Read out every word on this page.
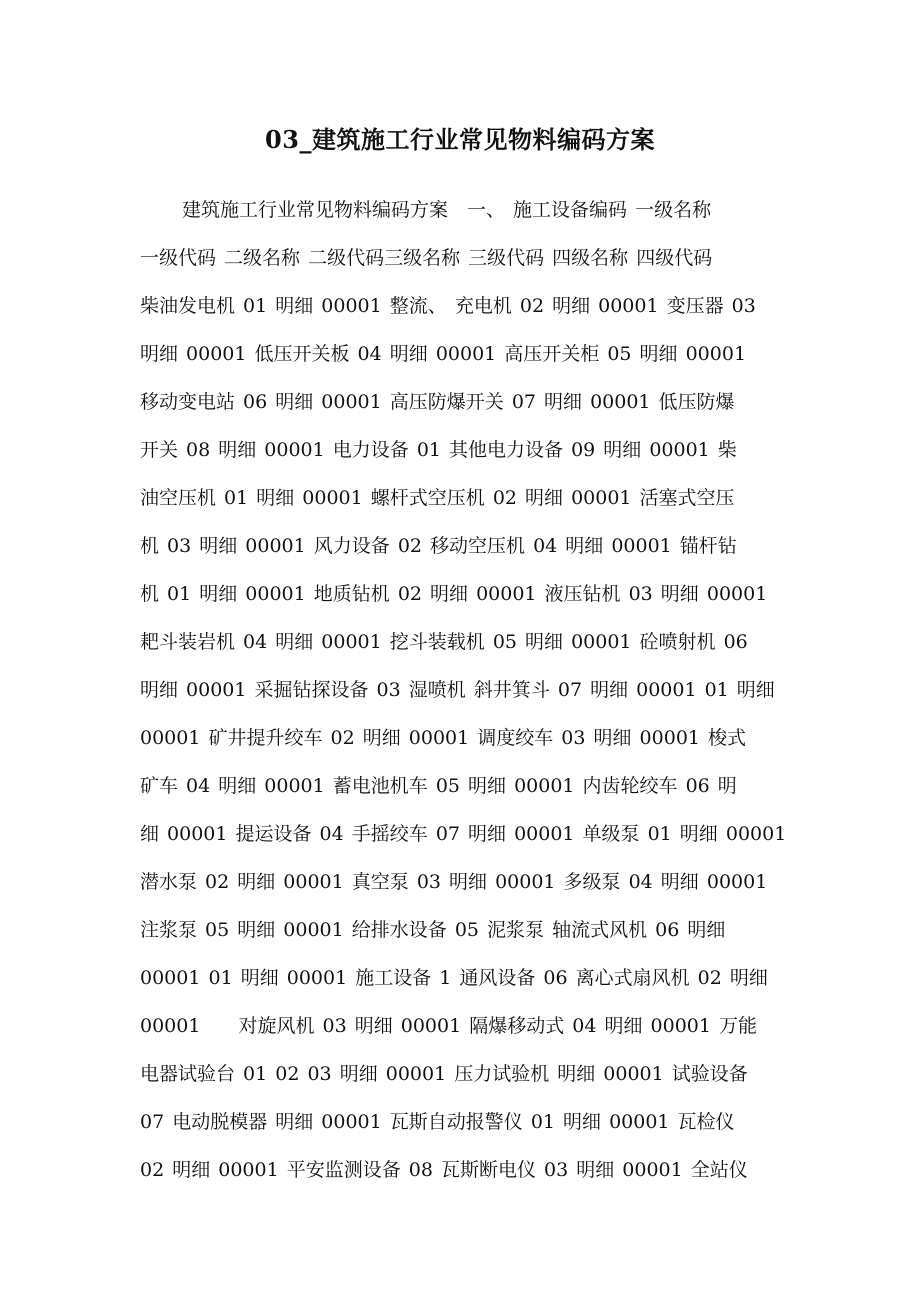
03_建筑施工行业常见物料编码方案
建筑施工行业常见物料编码方案　一、 施工设备编码 一级名称
一级代码 二级名称 二级代码三级名称 三级代码 四级名称 四级代码
柴油发电机 01 明细 00001 整流、 充电机 02 明细 00001 变压器 03
明细 00001 低压开关板 04 明细 00001 高压开关柜 05 明细 00001
移动变电站 06 明细 00001 高压防爆开关 07 明细 00001 低压防爆
开关 08 明细 00001 电力设备 01 其他电力设备 09 明细 00001 柴
油空压机 01 明细 00001 螺杆式空压机 02 明细 00001 活塞式空压
机 03 明细 00001 风力设备 02 移动空压机 04 明细 00001 锚杆钻
机 01 明细 00001 地质钻机 02 明细 00001 液压钻机 03 明细 00001
耙斗装岩机 04 明细 00001 挖斗装载机 05 明细 00001 砼喷射机 06
明细 00001 采掘钻探设备 03 湿喷机 斜井箕斗 07 明细 00001 01 明细
00001 矿井提升绞车 02 明细 00001 调度绞车 03 明细 00001 梭式
矿车 04 明细 00001 蓄电池机车 05 明细 00001 内齿轮绞车 06 明
细 00001 提运设备 04 手摇绞车 07 明细 00001 单级泵 01 明细 00001
潜水泵 02 明细 00001 真空泵 03 明细 00001 多级泵 04 明细 00001
注浆泵 05 明细 00001 给排水设备 05 泥浆泵 轴流式风机 06 明细
00001 01 明细 00001 施工设备 1 通风设备 06 离心式扇风机 02 明细
00001　　对旋风机 03 明细 00001 隔爆移动式 04 明细 00001 万能
电器试验台 01 02 03 明细 00001 压力试验机 明细 00001 试验设备
07 电动脱模器 明细 00001 瓦斯自动报警仪 01 明细 00001 瓦检仪
02 明细 00001 平安监测设备 08 瓦斯断电仪 03 明细 00001 全站仪
